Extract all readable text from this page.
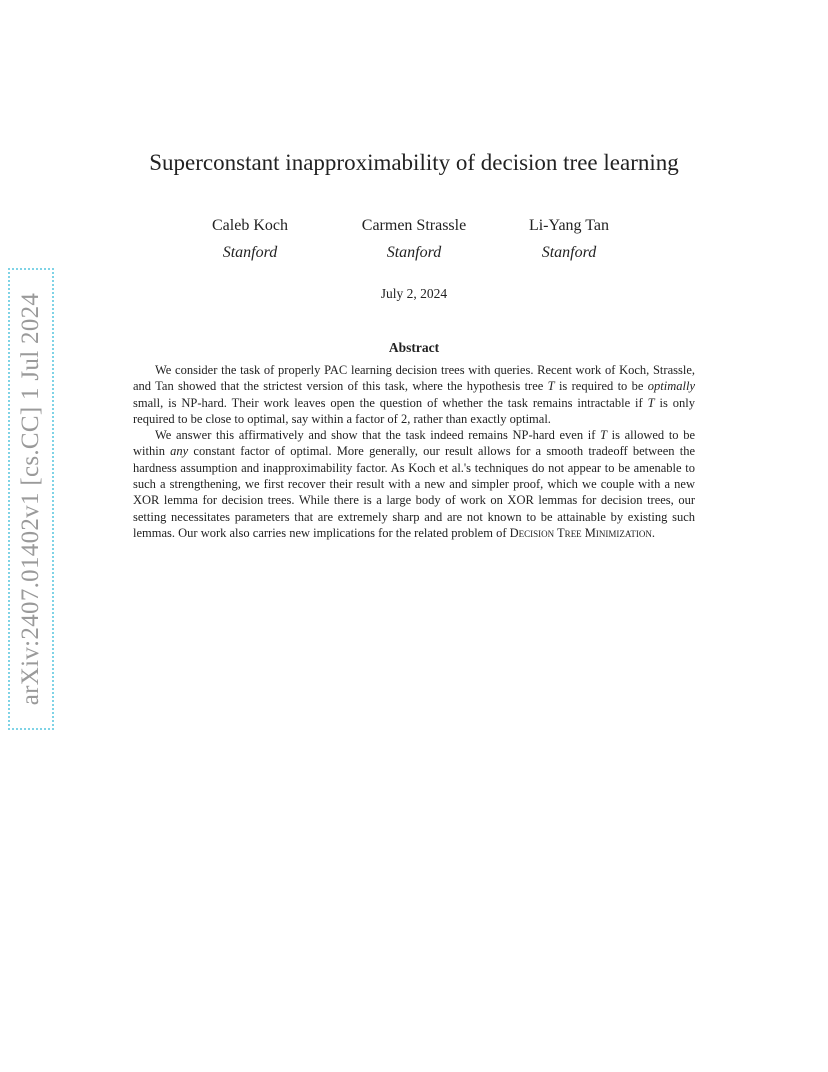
arXiv:2407.01402v1 [cs.CC] 1 Jul 2024
Superconstant inapproximability of decision tree learning
Caleb Koch
Stanford
Carmen Strassle
Stanford
Li-Yang Tan
Stanford
July 2, 2024
Abstract

We consider the task of properly PAC learning decision trees with queries. Recent work of Koch, Strassle, and Tan showed that the strictest version of this task, where the hypothesis tree T is required to be optimally small, is NP-hard. Their work leaves open the question of whether the task remains intractable if T is only required to be close to optimal, say within a factor of 2, rather than exactly optimal.

We answer this affirmatively and show that the task indeed remains NP-hard even if T is allowed to be within any constant factor of optimal. More generally, our result allows for a smooth tradeoff between the hardness assumption and inapproximability factor. As Koch et al.'s techniques do not appear to be amenable to such a strengthening, we first recover their result with a new and simpler proof, which we couple with a new XOR lemma for decision trees. While there is a large body of work on XOR lemmas for decision trees, our setting necessitates parameters that are extremely sharp and are not known to be attainable by existing such lemmas. Our work also carries new implications for the related problem of Decision Tree Minimization.
